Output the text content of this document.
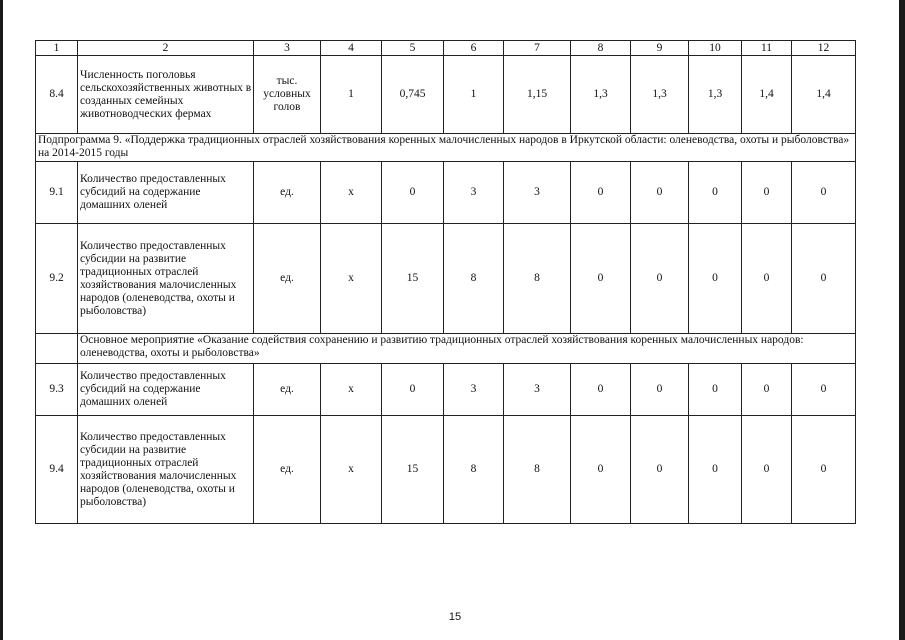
1	2	3	4	5	6	7	8	9	10	11	12
8.4	Численность поголовья сельскохозяйственных животных в созданных семейных животноводческих фермах	тыс. условных голов	1	0,745	1	1,15	1,3	1,3	1,3	1,4	1,4
Подпрограмма 9. «Поддержка традиционных отраслей хозяйствования коренных малочисленных народов в Иркутской области: оленеводства, охоты и рыболовства» на 2014-2015 годы											
9.1	Количество предоставленных субсидий на содержание домашних оленей	ед.	х	0	3	3	0	0	0	0	0
9.2	Количество предоставленных субсидии на развитие традиционных отраслей хозяйствования малочисленных народов (оленеводства, охоты и рыболовства)	ед.	х	15	8	8	0	0	0	0	0
	Основное мероприятие «Оказание содействия сохранению и развитию традиционных отраслей хозяйствования коренных малочисленных народов: оленеводства, охоты и рыболовства»										
9.3	Количество предоставленных субсидий на содержание домашних оленей	ед.	х	0	3	3	0	0	0	0	0
9.4	Количество предоставленных субсидии на развитие традиционных отраслей хозяйствования малочисленных народов (оленеводства, охоты и рыболовства)	ед.	х	15	8	8	0	0	0	0	0
15
